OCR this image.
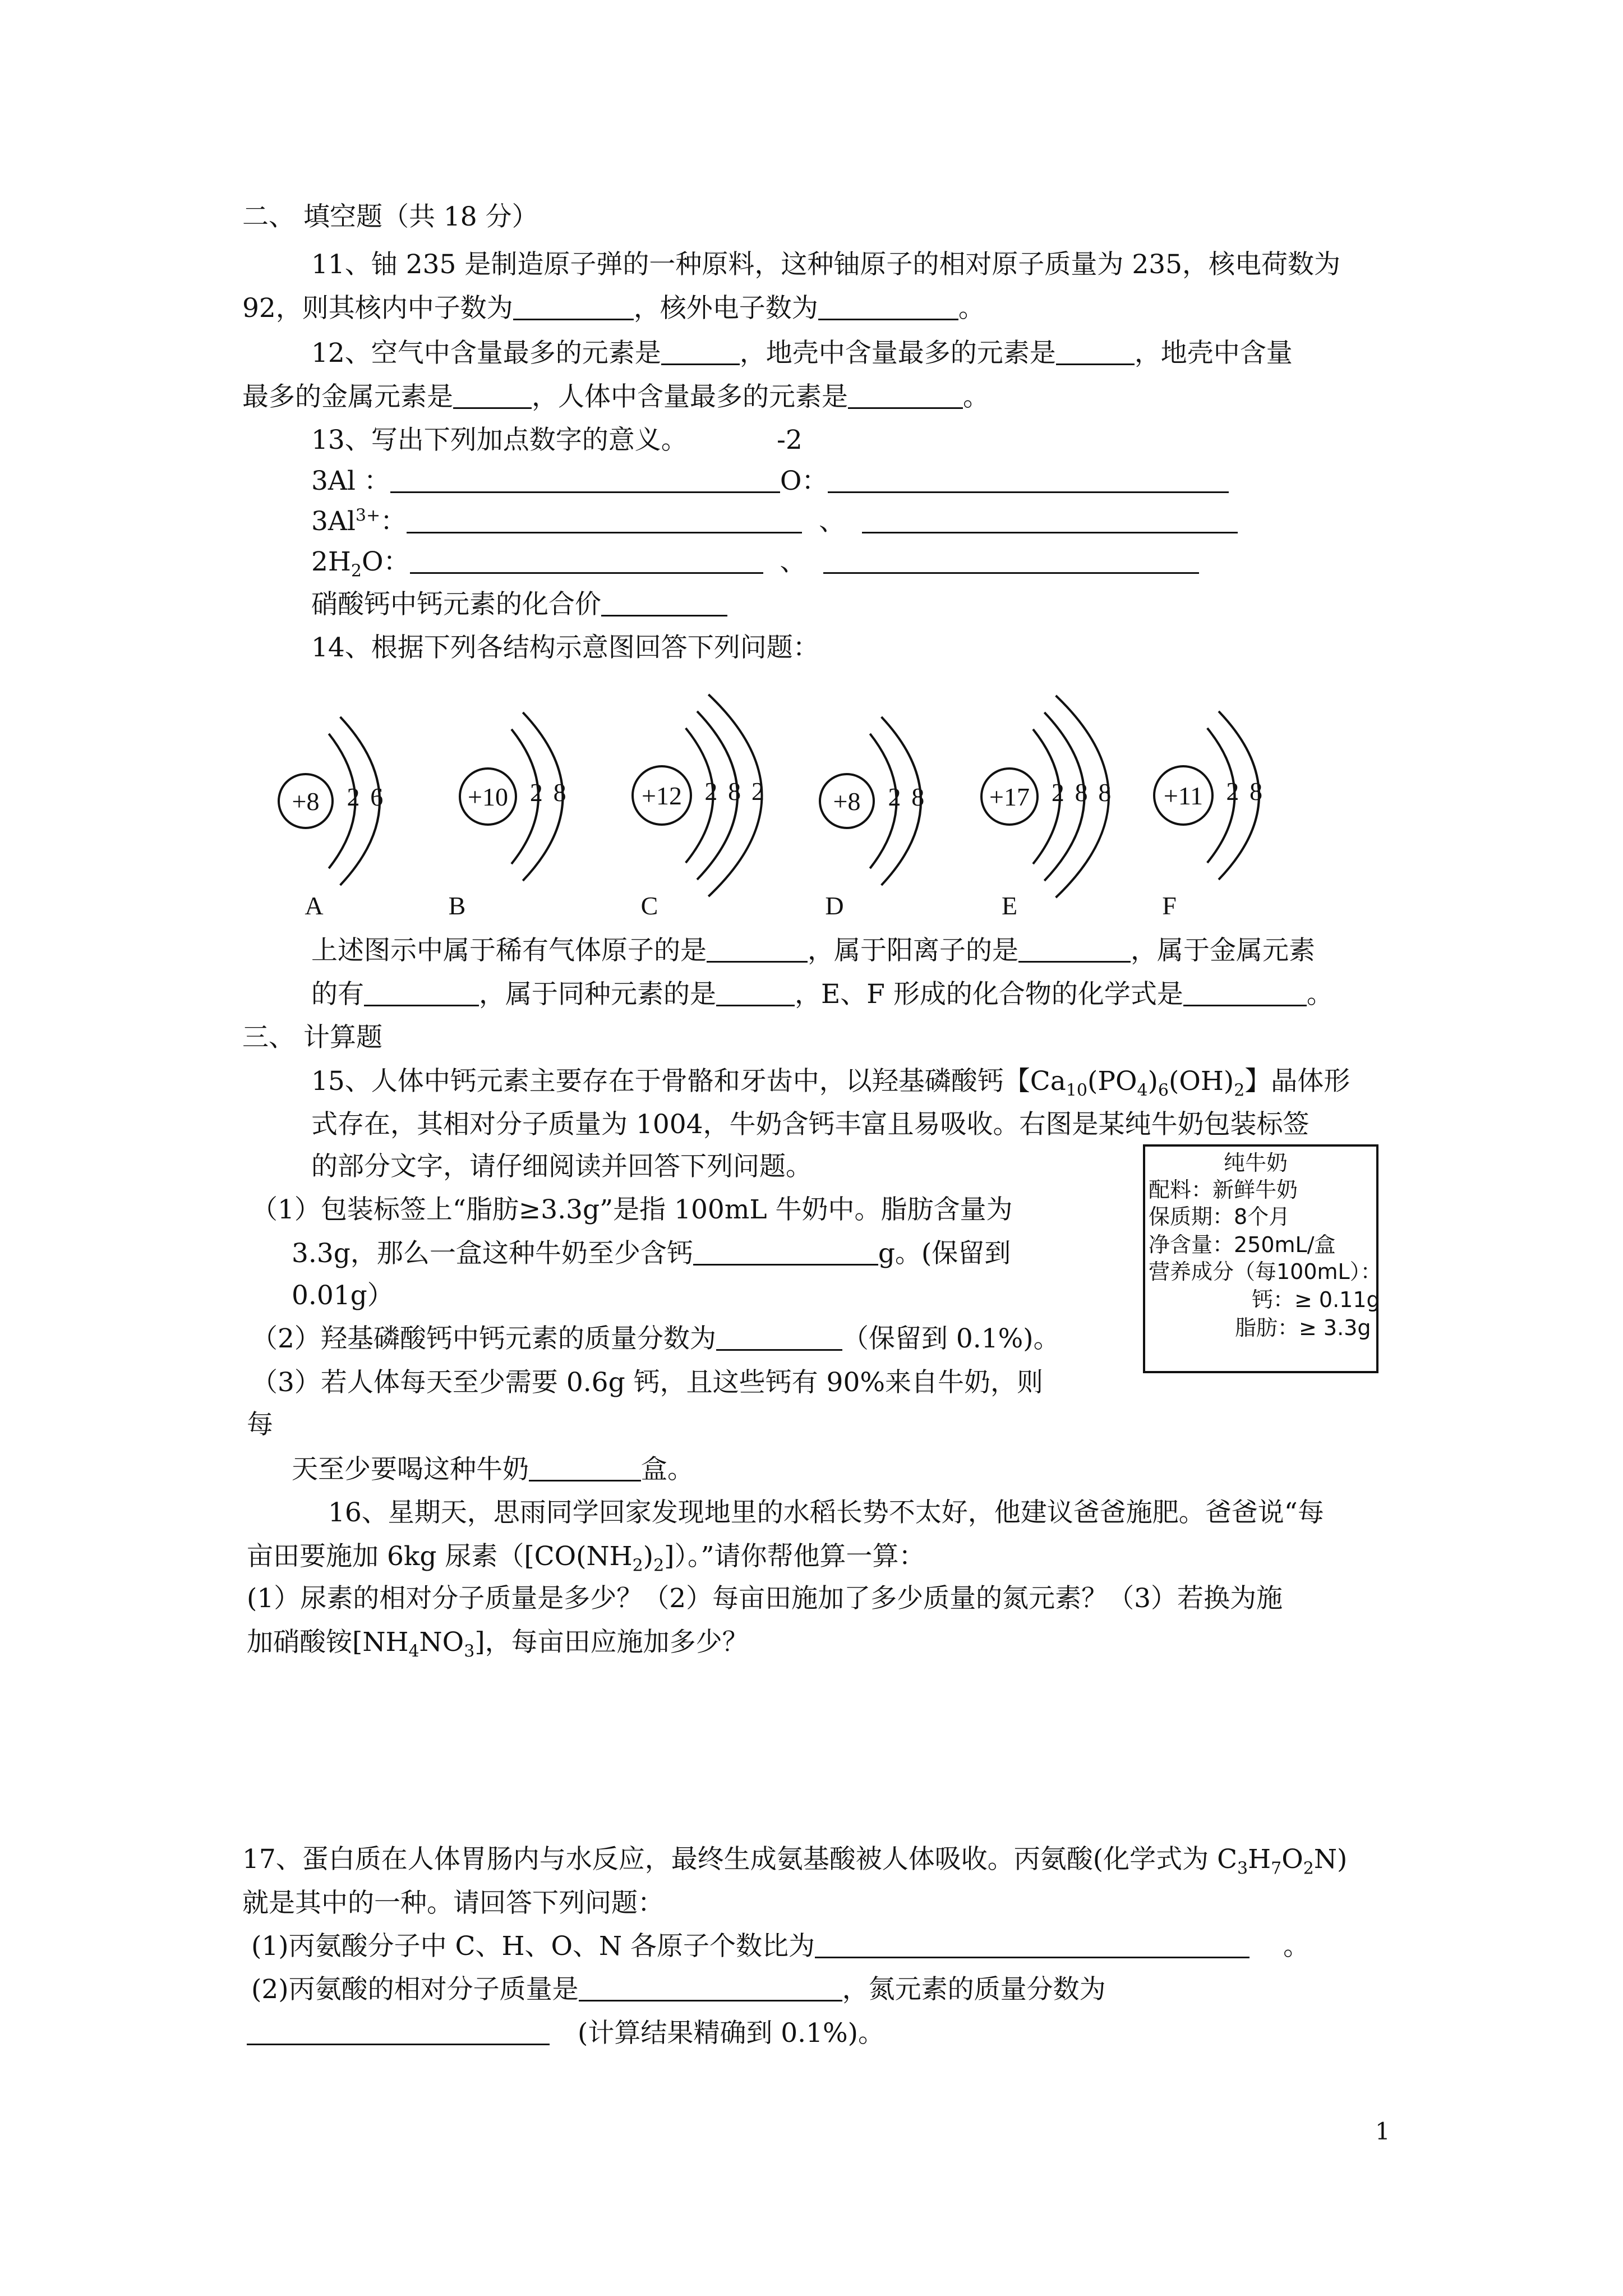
二、 填空题（共 18 分）
11、铀 235 是制造原子弹的一种原料，这种铀原子的相对原子质量为 235，核电荷数为
92，则其核内中子数为	，核外电子数为	。
12、空气中含量最多的元素是	，地壳中含量最多的元素是	，地壳中含量
最多的金属元素是	，人体中含量最多的元素是	。
13、写出下列加点数字的意义。	-2
3Al ：	O：
$3Al^{3+}$：	、
$2H_2O$：	、
硝酸钙中钙元素的化合价
14、根据下列各结构示意图回答下列问题：
+8 2 6
A
+10 2 8
B
+12 2 8 2
C
+8 2 8
D
+17 2 8 8
E
+11 2 8
F
上述图示中属于稀有气体原子的是	，属于阳离子的是	，属于金属元素
的有	，属于同种元素的是	，E、F 形成的化合物的化学式是	。
三、 计算题
15、人体中钙元素主要存在于骨骼和牙齿中，以羟基磷酸钙【$Ca_{10}(PO_4)_6(OH)_2$】晶体形
式存在，其相对分子质量为 1004，牛奶含钙丰富且易吸收。右图是某纯牛奶包装标签
的部分文字，请仔细阅读并回答下列问题。
（1）包装标签上“脂肪≥3.3g”是指 100mL 牛奶中。脂肪含量为
3.3g，那么一盒这种牛奶至少含钙	g。(保留到
0.01g）
（2）羟基磷酸钙中钙元素的质量分数为	（保留到 0.1%)。
（3）若人体每天至少需要 0.6g 钙，且这些钙有 90%来自牛奶，则
每
天至少要喝这种牛奶	盒。
纯牛奶
配料：新鲜牛奶
保质期：8个月
净含量：250mL/盒
营养成分（每100mL）：
钙：≥ 0.11g
脂肪：≥ 3.3g
16、星期天，思雨同学回家发现地里的水稻长势不太好，他建议爸爸施肥。爸爸说“每
亩田要施加 6kg 尿素$([CO(NH_2)_2])$。”请你帮他算一算：
(1）尿素的相对分子质量是多少？（2）每亩田施加了多少质量的氮元素？（3）若换为施
加硝酸铵$[NH_4NO_3]$，每亩田应施加多少？
17、蛋白质在人体胃肠内与水反应，最终生成氨基酸被人体吸收。丙氨酸(化学式为 $C_3H_7O_2N$)
就是其中的一种。请回答下列问题：
(1)丙氨酸分子中 C、H、O、N 各原子个数比为	。
(2)丙氨酸的相对分子质量是	，氮元素的质量分数为
(计算结果精确到 0.1%)。
1
